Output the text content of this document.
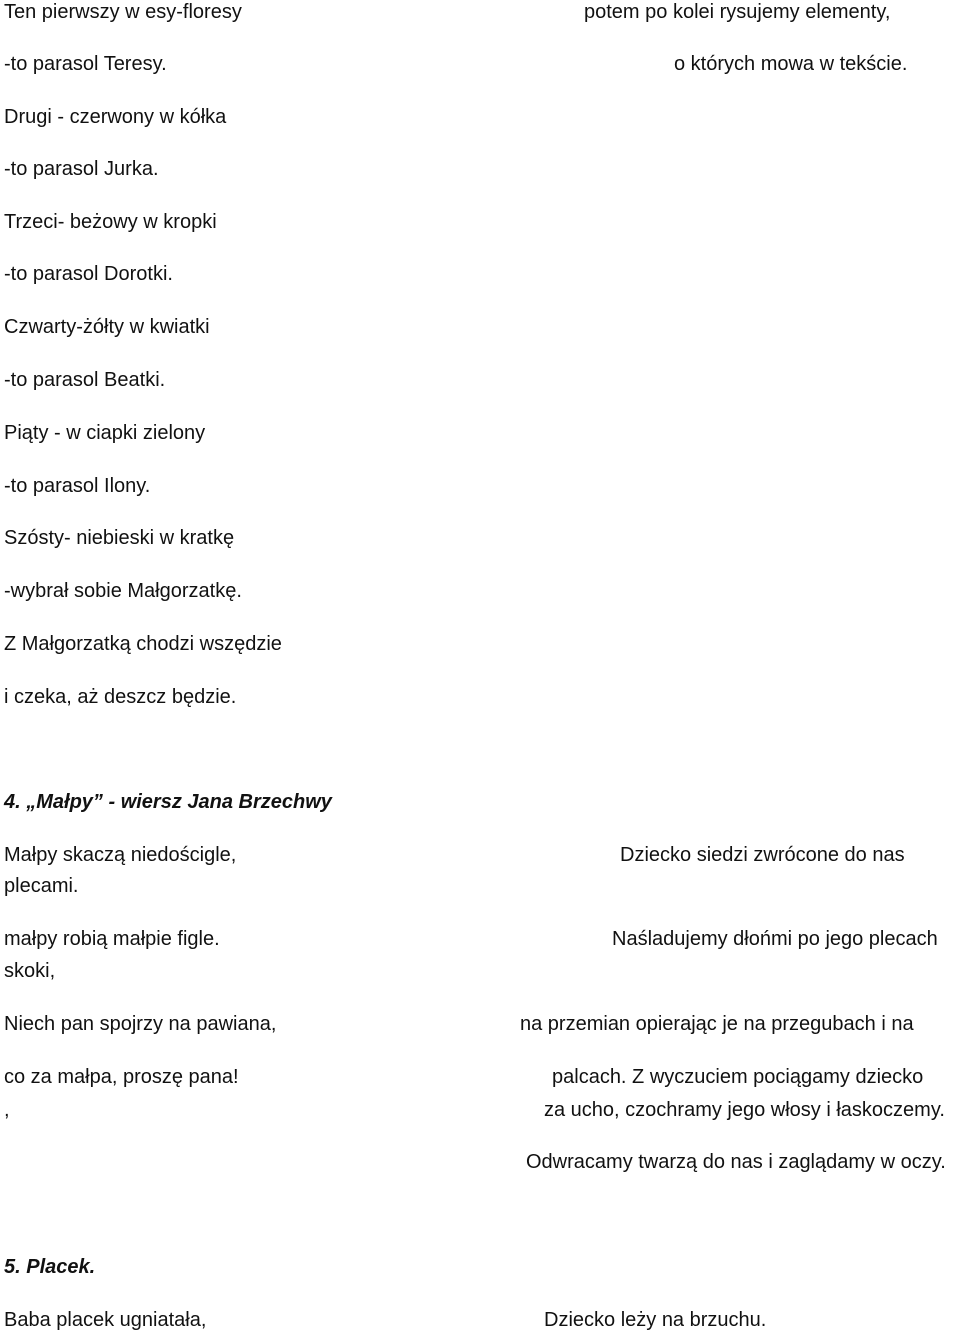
Ten pierwszy w esy-floresy

-to parasol Teresy.

Drugi - czerwony w kółka

-to parasol Jurka.

Trzeci- beżowy w kropki

-to parasol Dorotki.

Czwarty-żółty w kwiatki

-to parasol Beatki.

Piąty - w ciapki zielony

-to parasol Ilony.

Szósty- niebieski w kratkę

-wybrał sobie Małgorzatkę.

Z Małgorzatką chodzi wszędzie

i czeka, aż deszcz będzie.

potem po kolei rysujemy elementy,

o których mowa w tekście.

4. „Małpy” - wiersz Jana Brzechwy

Małpy skaczą niedościgle,

plecami.

małpy robią małpie figle.

skoki,

Niech pan spojrzy na pawiana,

co za małpa, proszę pana!

,

Dziecko siedzi zwrócone do nas

Naśladujemy dłońmi po jego plecach

na przemian opierając je na przegubach i na

palcach. Z wyczuciem pociągamy dziecko

za ucho, czochramy jego włosy i łaskoczemy.

Odwracamy twarzą do nas i zaglądamy w oczy.

5. Placek.

Baba placek ugniatała,	Dziecko leży na brzuchu.
